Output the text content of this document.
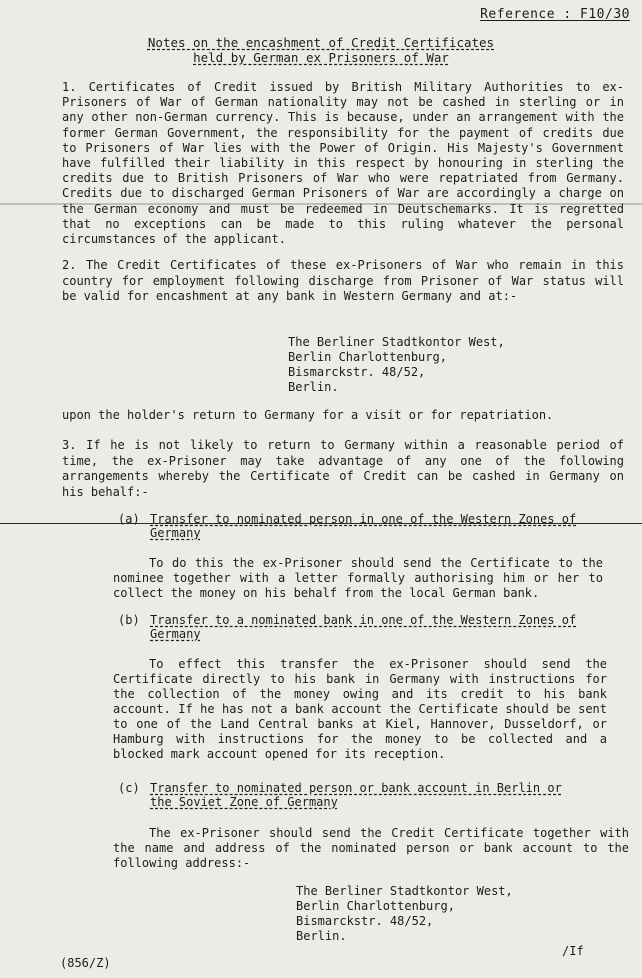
Reference : F10/30
Notes on the encashment of Credit Certificates
held by German ex Prisoners of War

1. Certificates of Credit issued by British Military Authorities to ex-Prisoners of War of German nationality may not be cashed in sterling or in any other non-German currency. This is because, under an arrangement with the former German Government, the responsibility for the payment of credits due to Prisoners of War lies with the Power of Origin. His Majesty's Government have fulfilled their liability in this respect by honouring in sterling the credits due to British Prisoners of War who were repatriated from Germany. Credits due to discharged German Prisoners of War are accordingly a charge on the German economy and must be redeemed in Deutschemarks. It is regretted that no exceptions can be made to this ruling whatever the personal circumstances of the applicant.

2. The Credit Certificates of these ex-Prisoners of War who remain in this country for employment following discharge from Prisoner of War status will be valid for encashment at any bank in Western Germany and at:-

The Berliner Stadtkontor West,
Berlin Charlottenburg,
Bismarckstr. 48/52,
Berlin.

upon the holder's return to Germany for a visit or for repatriation.

3. If he is not likely to return to Germany within a reasonable period of time, the ex-Prisoner may take advantage of any one of the following arrangements whereby the Certificate of Credit can be cashed in Germany on his behalf:-

(a) Transfer to nominated person in one of the Western Zones of Germany
To do this the ex-Prisoner should send the Certificate to the nominee together with a letter formally authorising him or her to collect the money on his behalf from the local German bank.
(b) Transfer to a nominated bank in one of the Western Zones of Germany
To effect this transfer the ex-Prisoner should send the Certificate directly to his bank in Germany with instructions for the collection of the money owing and its credit to his bank account. If he has not a bank account the Certificate should be sent to one of the Land Central banks at Kiel, Hannover, Dusseldorf, or Hamburg with instructions for the money to be collected and a blocked mark account opened for its reception.
(c) Transfer to nominated person or bank account in Berlin or the Soviet Zone of Germany
The ex-Prisoner should send the Credit Certificate together with the name and address of the nominated person or bank account to the following address:-
The Berliner Stadtkontor West,
Berlin Charlottenburg,
Bismarckstr. 48/52,
Berlin.
(856/Z)
/If
